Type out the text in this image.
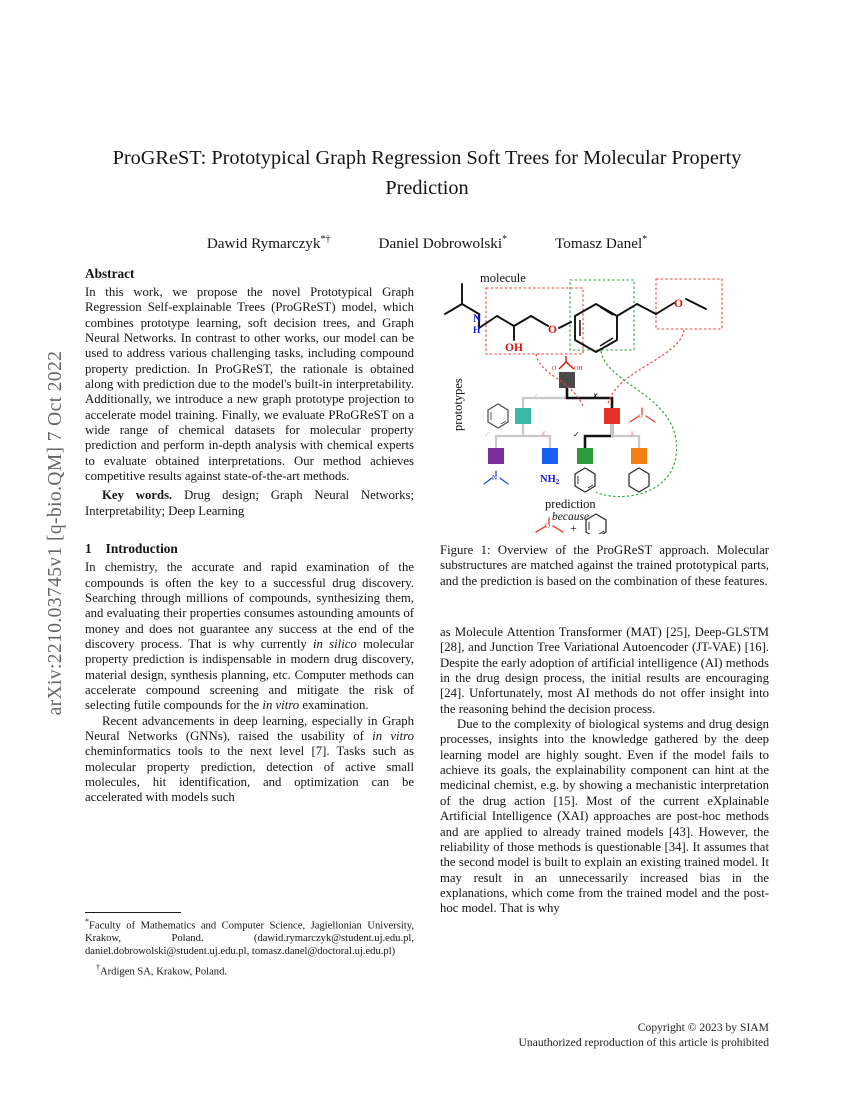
arXiv:2210.03745v1 [q-bio.QM] 7 Oct 2022
ProGReST: Prototypical Graph Regression Soft Trees for Molecular Property Prediction
Dawid Rymarczyk*†	Daniel Dobrowolski*	Tomasz Danel*
Abstract

In this work, we propose the novel Prototypical Graph Regression Self-explainable Trees (ProGReST) model, which combines prototype learning, soft decision trees, and Graph Neural Networks. In contrast to other works, our model can be used to address various challenging tasks, including compound property prediction. In ProGReST, the rationale is obtained along with prediction due to the model's built-in interpretability. Additionally, we introduce a new graph prototype projection to accelerate model training. Finally, we evaluate PRoGReST on a wide range of chemical datasets for molecular property prediction and perform in-depth analysis with chemical experts to evaluate obtained interpretations. Our method achieves competitive results against state-of-the-art methods.

Key words. Drug design; Graph Neural Networks; Interpretability; Deep Learning

1 Introduction

In chemistry, the accurate and rapid examination of the compounds is often the key to a successful drug discovery. Searching through millions of compounds, synthesizing them, and evaluating their properties consumes astounding amounts of money and does not guarantee any success at the end of the discovery process. That is why currently in silico molecular property prediction is indispensable in modern drug discovery, material design, synthesis planning, etc. Computer methods can accelerate compound screening and mitigate the risk of selecting futile compounds for the in vitro examination.

Recent advancements in deep learning, especially in Graph Neural Networks (GNNs), raised the usability of in vitro cheminformatics tools to the next level [7]. Tasks such as molecular property prediction, detection of active small molecules, hit identification, and optimization can be accelerated with models such

molecule
N
H
OH
O
O
prototypes
O	OH
✓	✗
O
✓	✗	✓	✗
N	NH2
prediction
because
O +
Figure 1: Overview of the ProGReST approach. Molecular substructures are matched against the trained prototypical parts, and the prediction is based on the combination of these features.

as Molecule Attention Transformer (MAT) [25], Deep-GLSTM [28], and Junction Tree Variational Autoencoder (JT-VAE) [16]. Despite the early adoption of artificial intelligence (AI) methods in the drug design process, the initial results are encouraging [24]. Unfortunately, most AI methods do not offer insight into the reasoning behind the decision process.

Due to the complexity of biological systems and drug design processes, insights into the knowledge gathered by the deep learning model are highly sought. Even if the model fails to achieve its goals, the explainability component can hint at the medicinal chemist, e.g. by showing a mechanistic interpretation of the drug action [15]. Most of the current eXplainable Artificial Intelligence (XAI) approaches are post-hoc methods and are applied to already trained models [43]. However, the reliability of those methods is questionable [34]. It assumes that the second model is built to explain an existing trained model. It may result in an unnecessarily increased bias in the explanations, which come from the trained model and the post-hoc model. That is why

*Faculty of Mathematics and Computer Science, Jagiellonian University, Krakow, Poland. (dawid.rymarczyk@student.uj.edu.pl, daniel.dobrowolski@student.uj.edu.pl, tomasz.danel@doctoral.uj.edu.pl)

†Ardigen SA, Krakow, Poland.

Copyright © 2023 by SIAM
Unauthorized reproduction of this article is prohibited
